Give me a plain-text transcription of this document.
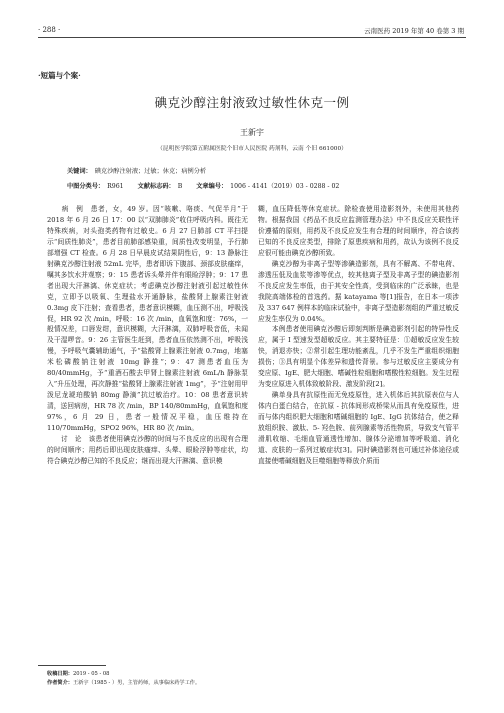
· 288 ·	云南医药 2019 年第 40 卷第 3 期
·短篇与个案·
碘克沙醇注射液致过敏性休克一例
王新宇
（昆明医学院第五附属医院个旧市人民医院 药剂科，云南 个旧 661000）
关键词： 碘克沙醇注射液；过敏；休克；病例分析
中图分类号： R961 文献标志码： B 文章编号： 1006 - 4141（2019）03 - 0288 - 02

　　病　例　患者，女，49 岁。因“咳嗽、咯痰、气促半月”于 2018 年 6 月 26 日 17：00 以“双肺肺炎”收住呼吸内科。既往无特殊疾病，对头孢类药物有过敏史。6 月 27 日肺部 CT 平扫提示“间质性肺炎”，患者目前肺部感染重，间质性改变明显，予行肺部增强 CT 检查。6 月 28 日早晨皮试结果阴性后，9：13 静脉注射碘克沙醇注射液 52mL 完毕，患者即诉下腹部、颈部皮肤瘙痒，嘱其多饮水并观察；9：15 患者诉头晕并伴有眼睑浮肿；9：17 患者出现大汗淋漓、休克症状；考虑碘克沙醇注射液引起过敏性休克，立即予以吸氧、生理盐水开通静脉，盐酸肾上腺素注射液 0.3mg 皮下注射；查看患者，患者意识模糊，血压测不出，呼吸浅促，HR 92 次 /min，呼吸：16 次 /min，血氧饱和度：76%，一般情况差，口唇发绀，意识模糊，大汗淋漓，双肺呼吸音低，未闻及干湿啰音。9：26 主管医生赶到，患者血压依然测不出，呼吸浅慢，予呼吸气囊辅助通气，予“盐酸肾上腺素注射液 0.7mg，地塞米松磷酸钠注射液 10mg 静推”；9：47 测患者血压为 80/40mmHg，予“重酒石酸去甲肾上腺素注射液 6mL/h 静脉泵入”升压处理，再次静推“盐酸肾上腺素注射液 1mg”，予“注射用甲泼尼龙琥珀酸钠 80mg 静滴”抗过敏治疗。10：08 患者意识转清，送回病房，HR 78 次 /min，BP 140/80mmHg，血氧饱和度 97%，6 月 29 日，患者一般情况平稳，血压维持在 110/70mmHg，SPO2 96%，HR 80 次 /min。

　　讨　论　该患者使用碘克沙醇的时间与不良反应的出现有合理的时间顺序；用药后即出现皮肤瘙痒、头晕、眼睑浮肿等症状，均符合碘克沙醇已知的不良反应；继而出现大汗淋漓、意识模

糊，血压降低等休克症状。除检查使用造影剂外，未使用其他药物。根据我国《药品不良反应监测管理办法》中不良反应关联性评价遵循的原则，用药及不良反应发生有合理的时间顺序，符合该药已知的不良反应类型，排除了原患疾病和用药，故认为该例不良反应很可能由碘克沙醇所致。

　　碘克沙醇为非离子型等渗碘造影剂，具有不解离、不带电荷、渗透压低及血浆等渗等优点，较其他离子型及非离子型的碘造影剂不良反应发生率低，由于其安全性高，受到临床的广泛承睐，也是我院高端体检的首选药。据 katayama 等[1]报告，在日本一项涉及 337 647 例样本的临床试验中，非离子型造影剂组的严重过敏反应发生率仅为 0.04%。

　　本例患者使用碘克沙醇后即刻判断是碘造影剂引起的特异性反应，属于 I 型速发型超敏反应。其主要特征是：①超敏反应发生较快，消退亦快；②常引起生理功能紊乱，几乎不发生严重组织细胞损伤；③具有明显个体差异和遗传背景。参与过敏反应主要成分有变应原、IgE、肥大细胞、嗜碱性粒细胞和嗜酸性粒细胞。发生过程为变应原进入机体致敏阶段、激发阶段[2]。

　　碘单身具有抗原性而无免疫原性，进入机体后其抗原表位与人体内白蛋白结合，在抗原 - 抗体间形成桥梁从而具有免疫原性，进而与体内组织肥大细胞和嗜碱细胞的 IgE、IgG 抗体结合，使之释放组织胺、激肽、5- 羟色胺、前列腺素等活性物质，导致支气管平滑肌收缩、毛细血管通透性增加、腺体分泌增加等呼吸道、消化道、皮肤的一系列过敏症状[3]。同时碘造影剂也可通过补体途径或直接使嗜碱细胞及巨噬细胞等释放介质而

收稿日期：2019 - 05 - 08
作者简介：王新宇（1985 - ）男，主管药师，从事临床药学工作。
